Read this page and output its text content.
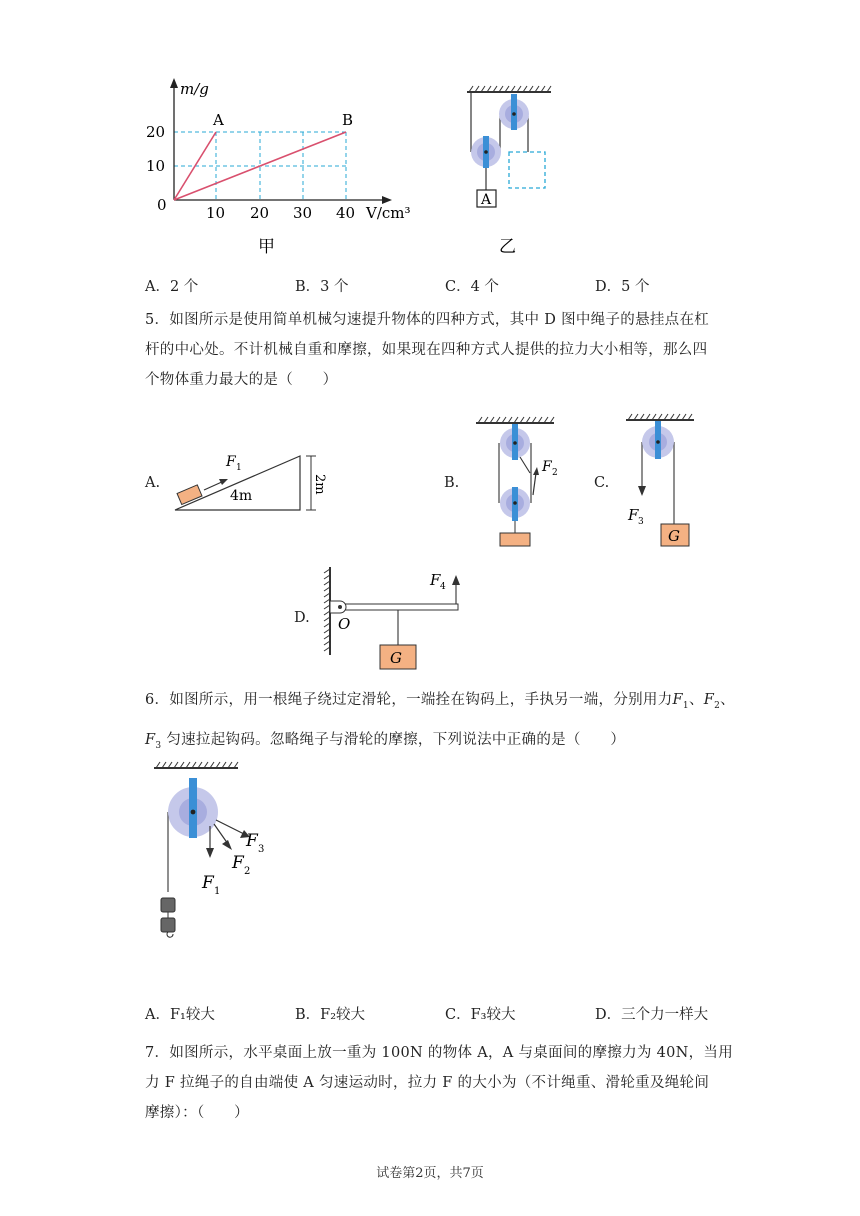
m/g
20
10
0	10 20 30 40 V/cm³
A	B
甲
A
乙
A．2 个	B．3 个	C．4 个	D．5 个
5．如图所示是使用简单机械匀速提升物体的四种方式，其中 D 图中绳子的悬挂点在杠
杆的中心处。不计机械自重和摩擦，如果现在四种方式人提供的拉力大小相等，那么四
个物体重力最大的是（　　）
A.
F 1
4m
2m	B.
F 2
C.
F 3
G
D. O
G
F 4
6．如图所示，用一根绳子绕过定滑轮，一端拴在钩码上，手执另一端，分别用力$F_1$、$F_2$、
$F_3$ 匀速拉起钩码。忽略绳子与滑轮的摩擦，下列说法中正确的是（　　）
F 1
F 2
F 3
A．F₁较大	B．F₂较大	C．F₃较大	D．三个力一样大
7．如图所示，水平桌面上放一重为 100N 的物体 A，A 与桌面间的摩擦力为 40N，当用
力 F 拉绳子的自由端使 A 匀速运动时，拉力 F 的大小为（不计绳重、滑轮重及绳轮间
摩擦）：（　　）
试卷第2页，共7页
